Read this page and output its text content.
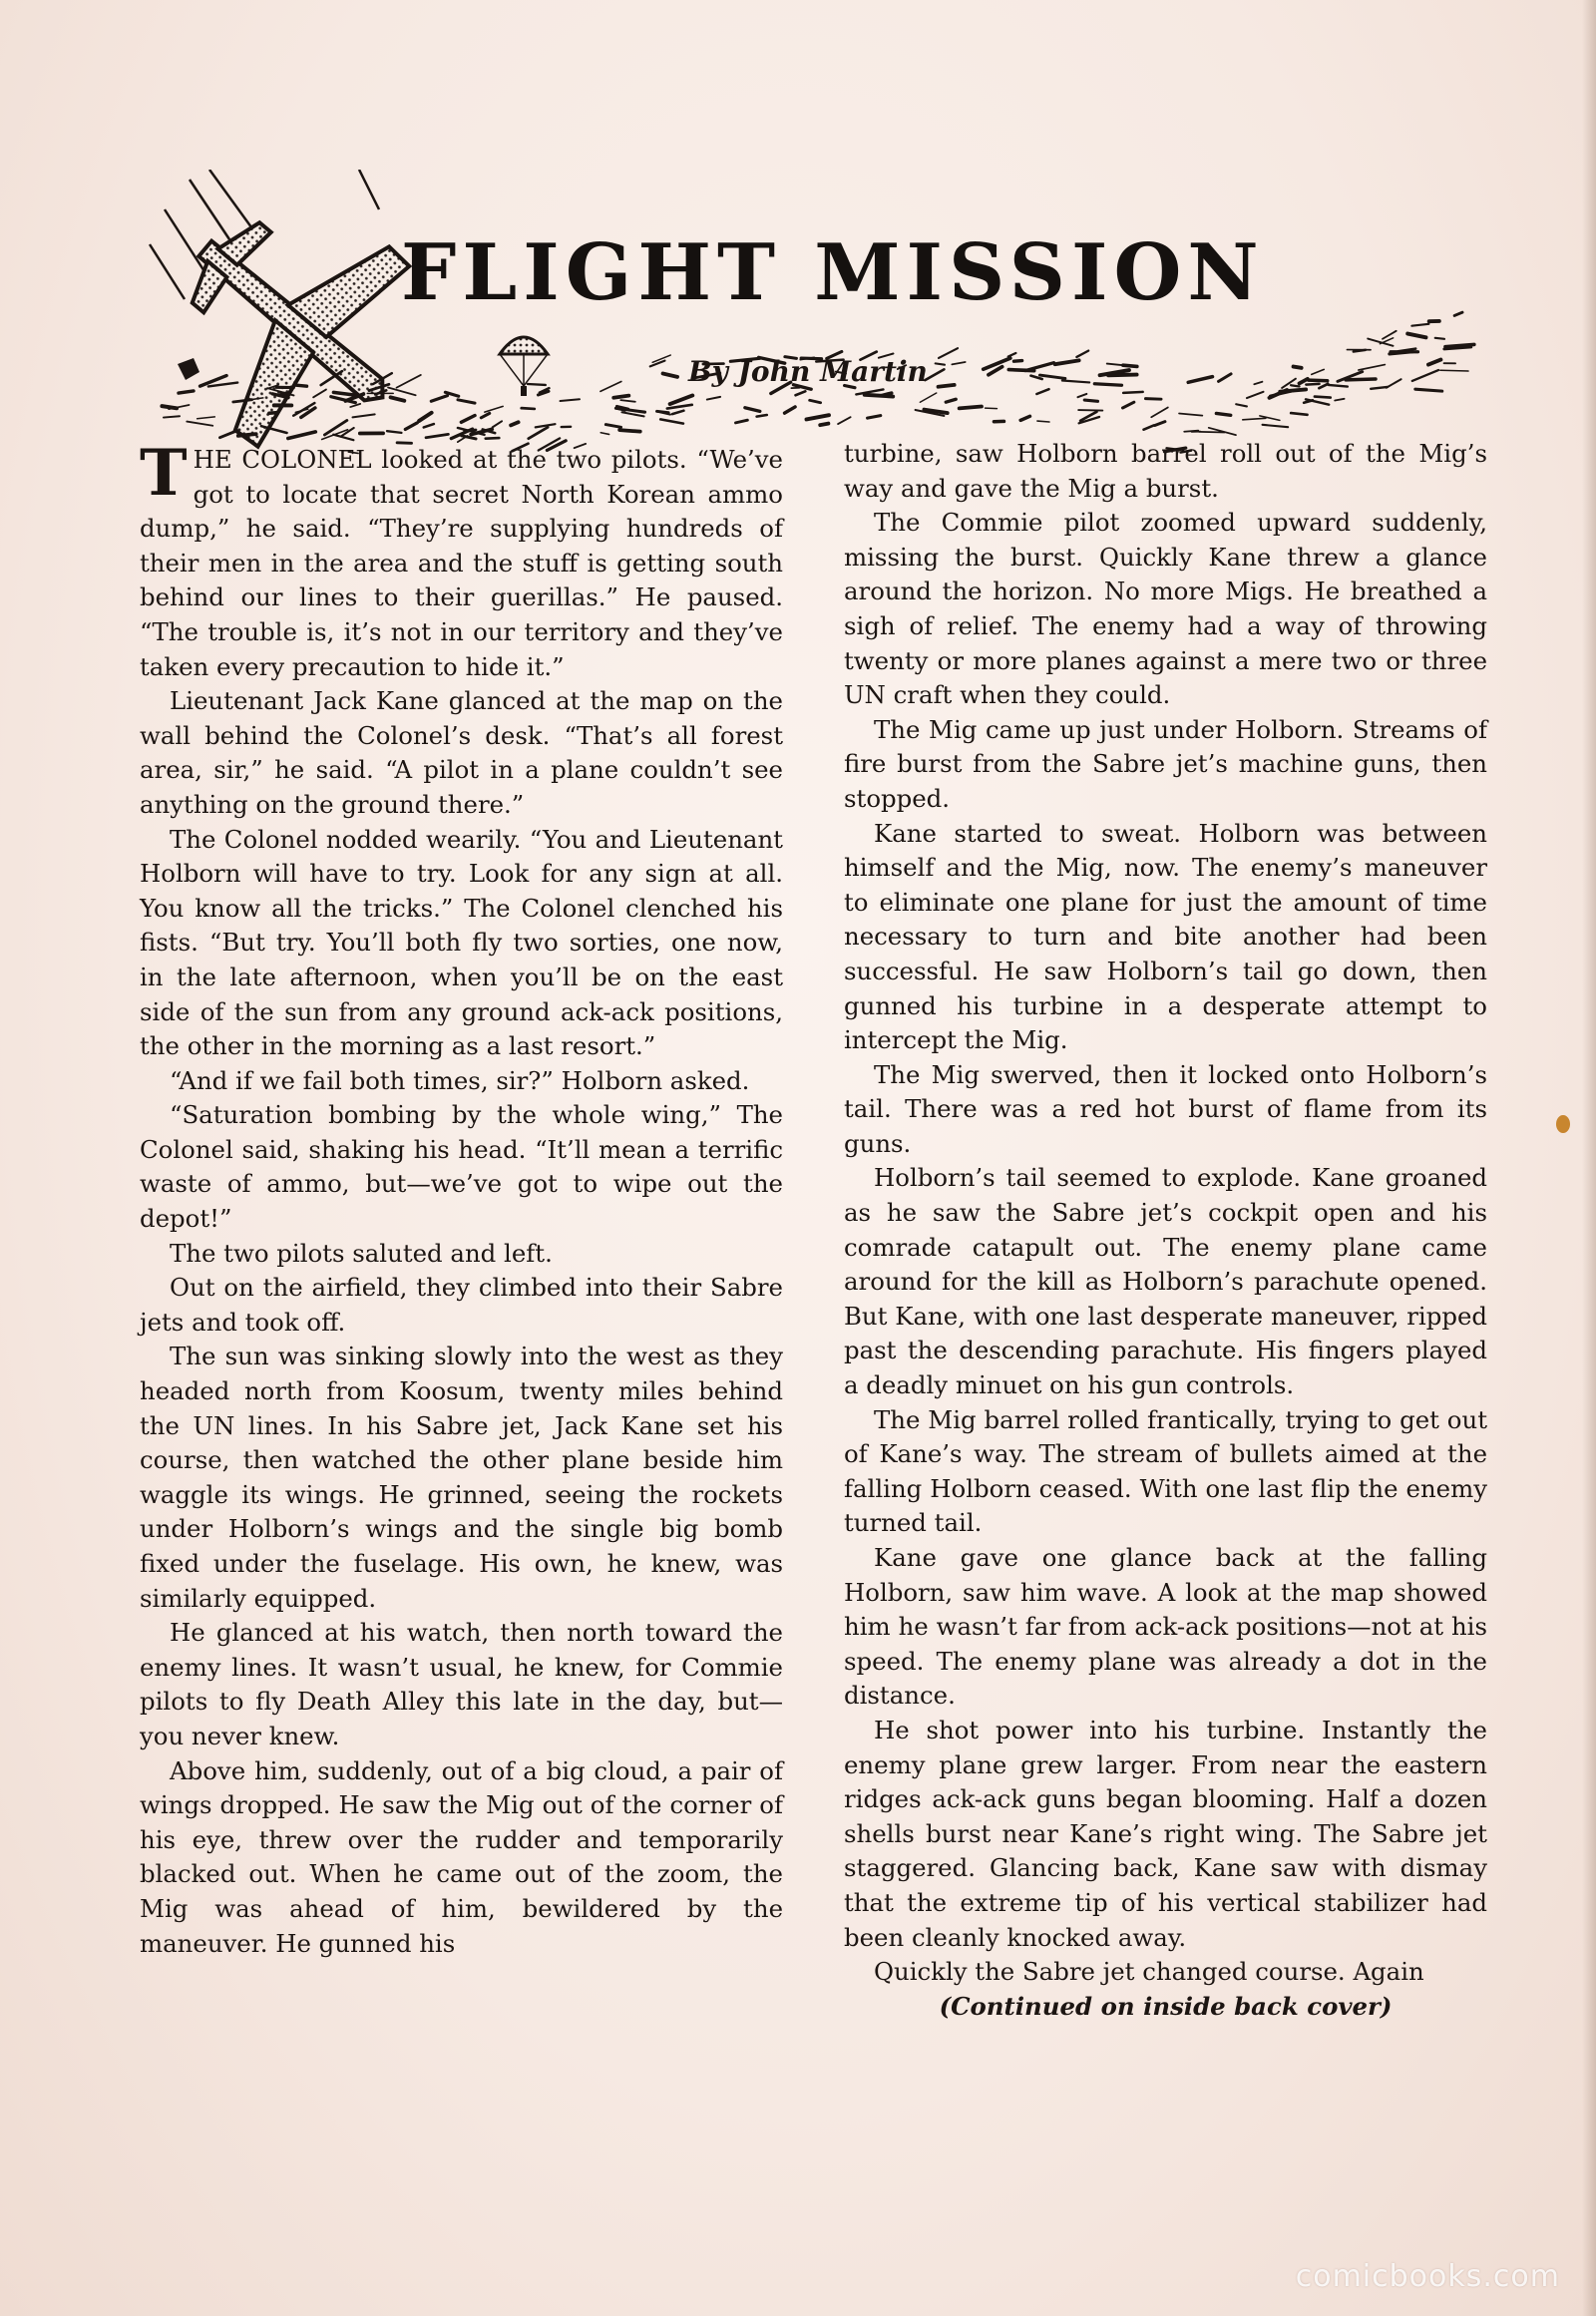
FLIGHT MISSION
By John Martin

THE COLONEL looked at the two pilots. “We’ve got to locate that secret North Korean ammo dump,” he said. “They’re supplying hundreds of their men in the area and the stuff is getting south behind our lines to their guerillas.” He paused. “The trouble is, it’s not in our territory and they’ve taken every precaution to hide it.”

Lieutenant Jack Kane glanced at the map on the wall behind the Colonel’s desk. “That’s all forest area, sir,” he said. “A pilot in a plane couldn’t see anything on the ground there.”

The Colonel nodded wearily. “You and Lieutenant Holborn will have to try. Look for any sign at all. You know all the tricks.” The Colonel clenched his fists. “But try. You’ll both fly two sorties, one now, in the late afternoon, when you’ll be on the east side of the sun from any ground ack-ack positions, the other in the morning as a last resort.”

“And if we fail both times, sir?” Holborn asked.

“Saturation bombing by the whole wing,” The Colonel said, shaking his head. “It’ll mean a terrific waste of ammo, but—we’ve got to wipe out the depot!”

The two pilots saluted and left.

Out on the airfield, they climbed into their Sabre jets and took off.

The sun was sinking slowly into the west as they headed north from Koosum, twenty miles behind the UN lines. In his Sabre jet, Jack Kane set his course, then watched the other plane beside him waggle its wings. He grinned, seeing the rockets under Holborn’s wings and the single big bomb fixed under the fuselage. His own, he knew, was similarly equipped.

He glanced at his watch, then north toward the enemy lines. It wasn’t usual, he knew, for Commie pilots to fly Death Alley this late in the day, but—you never knew.

Above him, suddenly, out of a big cloud, a pair of wings dropped. He saw the Mig out of the corner of his eye, threw over the rudder and temporarily blacked out. When he came out of the zoom, the Mig was ahead of him, bewildered by the maneuver. He gunned his

turbine, saw Holborn barrel roll out of the Mig’s way and gave the Mig a burst.

The Commie pilot zoomed upward suddenly, missing the burst. Quickly Kane threw a glance around the horizon. No more Migs. He breathed a sigh of relief. The enemy had a way of throwing twenty or more planes against a mere two or three UN craft when they could.

The Mig came up just under Holborn. Streams of fire burst from the Sabre jet’s machine guns, then stopped.

Kane started to sweat. Holborn was between himself and the Mig, now. The enemy’s maneuver to eliminate one plane for just the amount of time necessary to turn and bite another had been successful. He saw Holborn’s tail go down, then gunned his turbine in a desperate attempt to intercept the Mig.

The Mig swerved, then it locked onto Holborn’s tail. There was a red hot burst of flame from its guns.

Holborn’s tail seemed to explode. Kane groaned as he saw the Sabre jet’s cockpit open and his comrade catapult out. The enemy plane came around for the kill as Holborn’s parachute opened. But Kane, with one last desperate maneuver, ripped past the descending parachute. His fingers played a deadly minuet on his gun controls.

The Mig barrel rolled frantically, trying to get out of Kane’s way. The stream of bullets aimed at the falling Holborn ceased. With one last flip the enemy turned tail.

Kane gave one glance back at the falling Holborn, saw him wave. A look at the map showed him he wasn’t far from ack-ack positions—not at his speed. The enemy plane was already a dot in the distance.

He shot power into his turbine. Instantly the enemy plane grew larger. From near the eastern ridges ack-ack guns began blooming. Half a dozen shells burst near Kane’s right wing. The Sabre jet staggered. Glancing back, Kane saw with dismay that the extreme tip of his vertical stabilizer had been cleanly knocked away.

Quickly the Sabre jet changed course. Again

(Continued on inside back cover)

comicbooks.com
